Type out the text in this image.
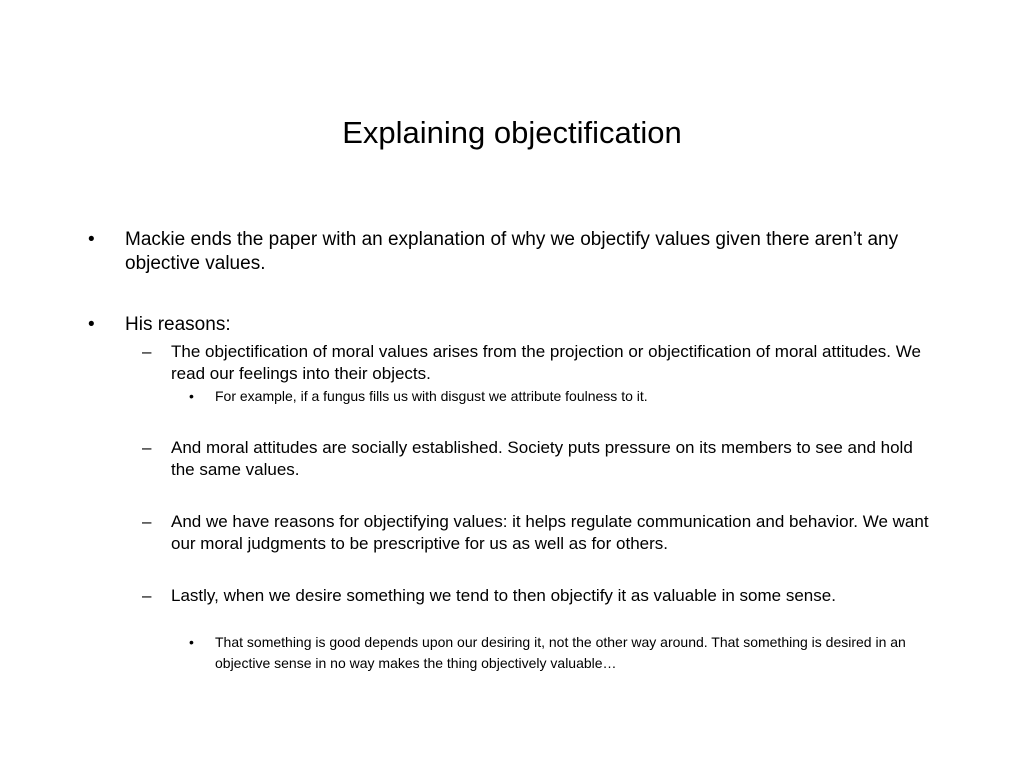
Explaining objectification
• Mackie ends the paper with an explanation of why we objectify values given there aren’t any objective values.
• His reasons:
– The objectification of moral values arises from the projection or objectification of moral attitudes. We read our feelings into their objects.
• For example, if a fungus fills us with disgust we attribute foulness to it.
– And moral attitudes are socially established. Society puts pressure on its members to see and hold the same values.
– And we have reasons for objectifying values: it helps regulate communication and behavior. We want our moral judgments to be prescriptive for us as well as for others.
– Lastly, when we desire something we tend to then objectify it as valuable in some sense.
• That something is good depends upon our desiring it, not the other way around. That something is desired in an objective sense in no way makes the thing objectively valuable…
